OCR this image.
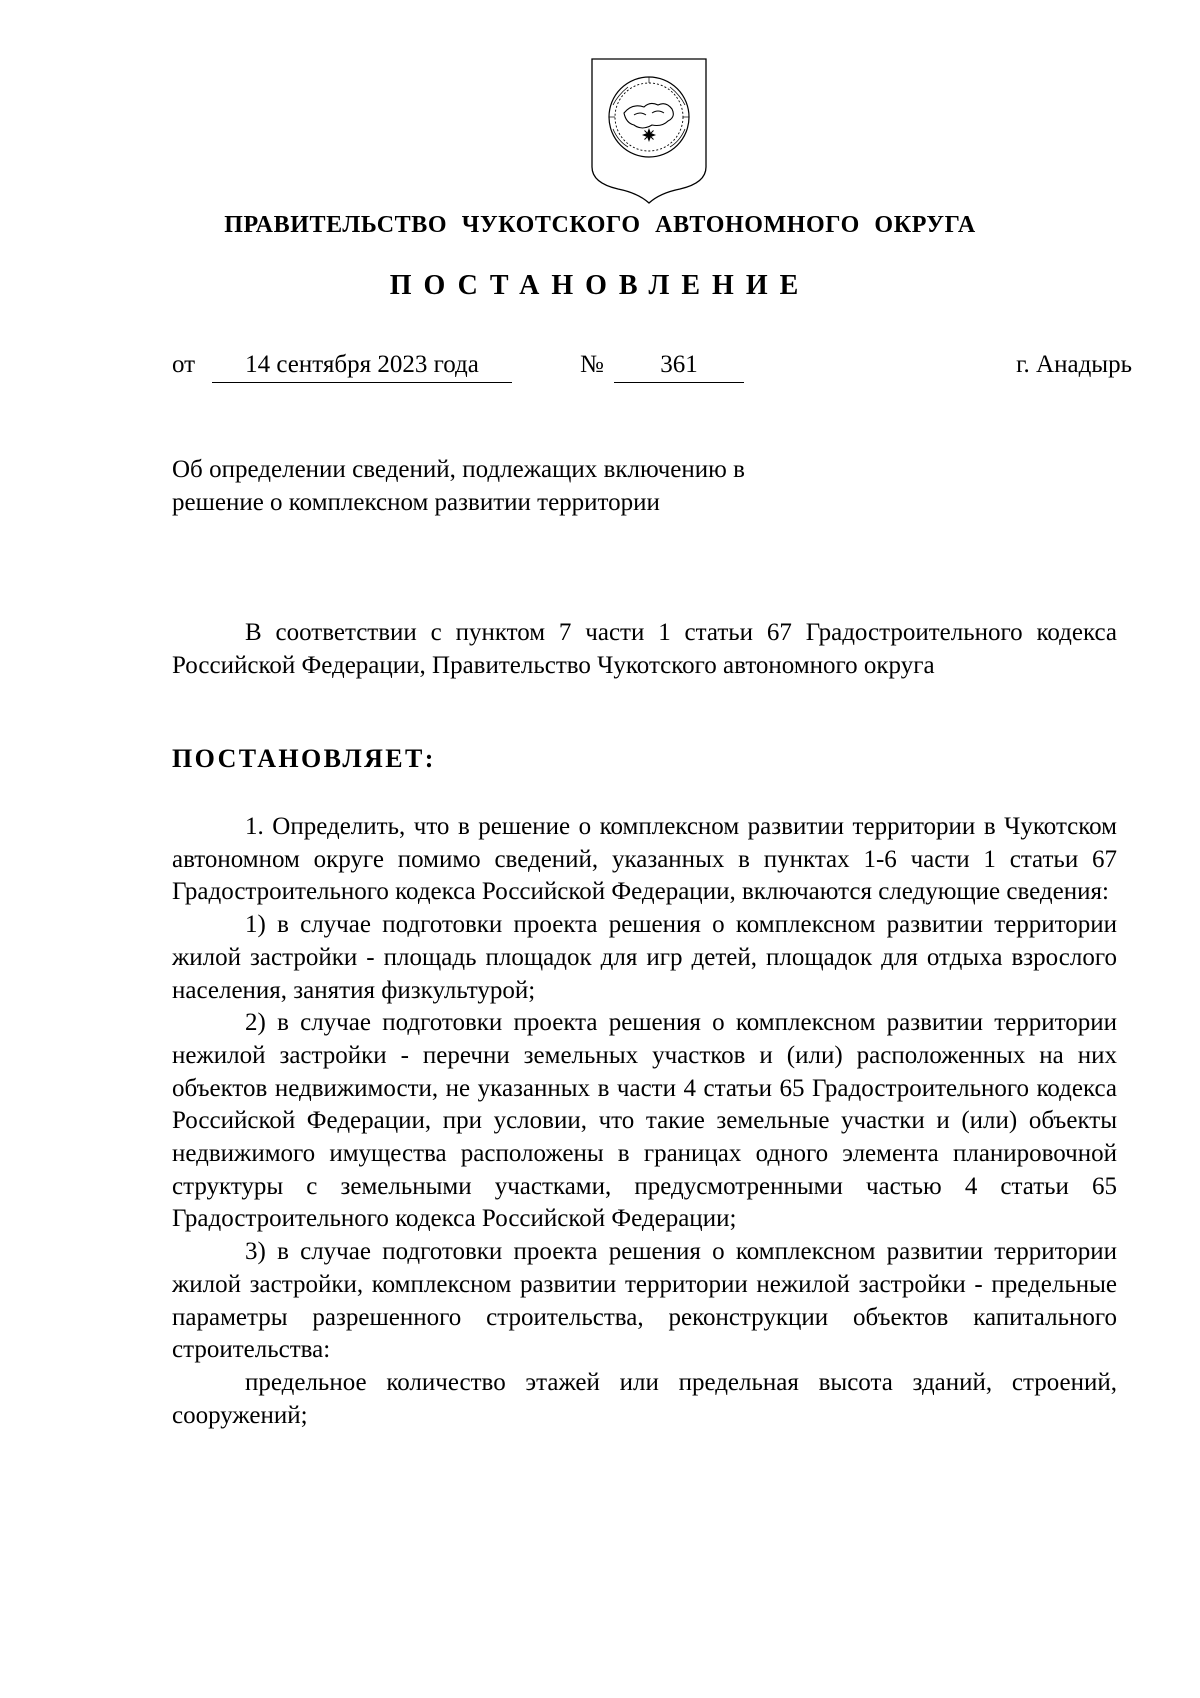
ПРАВИТЕЛЬСТВО ЧУКОТСКОГО АВТОНОМНОГО ОКРУГА
ПОСТАНОВЛЕНИЕ
от	14 сентября 2023 года	№	361	г. Анадырь
Об определении сведений, подлежащих включению в решение о комплексном развитии территории

В соответствии с пунктом 7 части 1 статьи 67 Градостроительного кодекса Российской Федерации, Правительство Чукотского автономного округа

ПОСТАНОВЛЯЕТ:

1. Определить, что в решение о комплексном развитии территории в Чукотском автономном округе помимо сведений, указанных в пунктах 1-6 части 1 статьи 67 Градостроительного кодекса Российской Федерации, включаются следующие сведения:

1) в случае подготовки проекта решения о комплексном развитии территории жилой застройки - площадь площадок для игр детей, площадок для отдыха взрослого населения, занятия физкультурой;

2) в случае подготовки проекта решения о комплексном развитии территории нежилой застройки - перечни земельных участков и (или) расположенных на них объектов недвижимости, не указанных в части 4 статьи 65 Градостроительного кодекса Российской Федерации, при условии, что такие земельные участки и (или) объекты недвижимого имущества расположены в границах одного элемента планировочной структуры с земельными участками, предусмотренными частью 4 статьи 65 Градостроительного кодекса Российской Федерации;

3) в случае подготовки проекта решения о комплексном развитии территории жилой застройки, комплексном развитии территории нежилой застройки - предельные параметры разрешенного строительства, реконструкции объектов капитального строительства:

предельное количество этажей или предельная высота зданий, строений, сооружений;
